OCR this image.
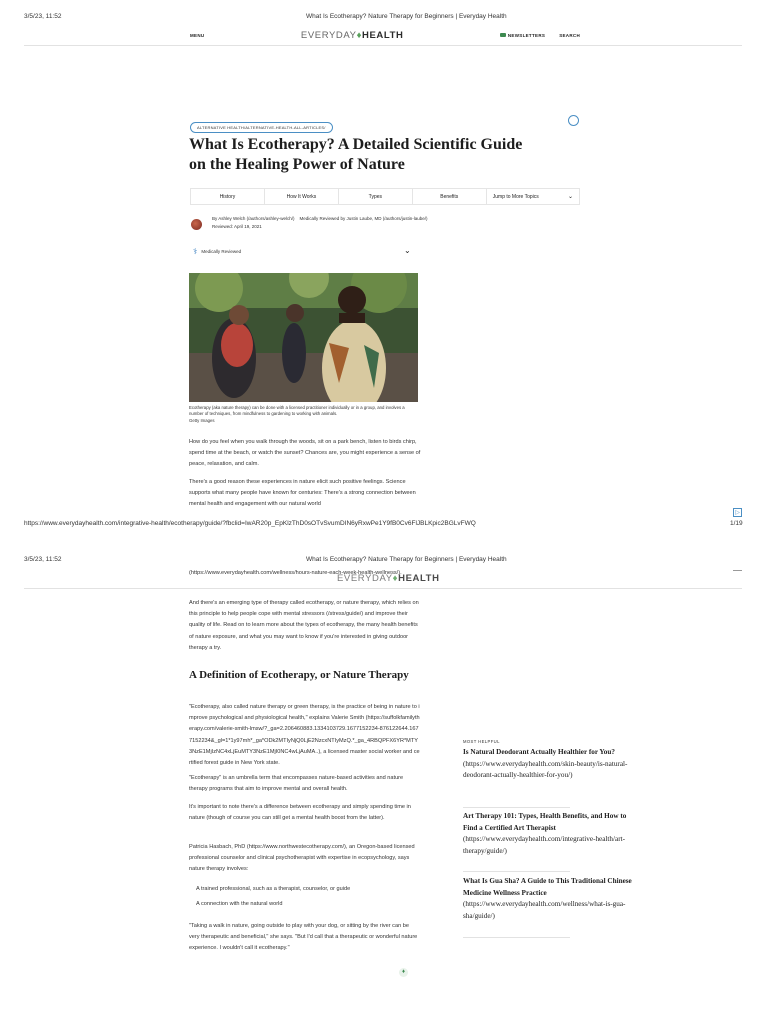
3/5/23, 11:52	What Is Ecotherapy? Nature Therapy for Beginners | Everyday Health
MENU	EVERYDAY♦HEALTH	NEWSLETTERS	SEARCH
ALTERNATIVE HEALTH/ALTERNATIVE-HEALTH-ALL-ARTICLES/
What Is Ecotherapy? A Detailed Scientific Guide on the Healing Power of Nature
History	How It Works	Types	Benefits	Jump to More Topics	⌄
By Ashley Welch (/authors/ashley-welch/) Medically Reviewed by Justin Laube, MD (/authors/justin-laube/)
Reviewed: April 19, 2021
⚕ Medically Reviewed	⌄
Ecotherapy (aka nature therapy) can be done with a licensed practitioner individually or in a group, and involves a number of techniques, from mindfulness to gardening to working with animals.
Getty Images

How do you feel when you walk through the woods, sit on a park bench, listen to birds chirp, spend time at the beach, or watch the sunset? Chances are, you might experience a sense of peace, relaxation, and calm.

There's a good reason these experiences in nature elicit such positive feelings. Science supports what many people have known for centuries: There's a strong connection between mental health and engagement with our natural world

▷
https://www.everydayhealth.com/integrative-health/ecotherapy/guide/?fbclid=IwAR20p_EpKlzThD0sOTvSvumDIN6yRxwPe1Y9fB0Cv6FlJBLKpic2BGLvFWQ	1/19
3/5/23, 11:52	What Is Ecotherapy? Nature Therapy for Beginners | Everyday Health
EVERYDAY♦HEALTH

(https://www.everydayhealth.com/wellness/hours-nature-each-week-health-wellness/).

And there's an emerging type of therapy called ecotherapy, or nature therapy, which relies on this principle to help people cope with mental stressors (/stress/guide/) and improve their quality of life. Read on to learn more about the types of ecotherapy, the many health benefits of nature exposure, and what you may want to know if you're interested in giving outdoor therapy a try.

A Definition of Ecotherapy, or Nature Therapy

"Ecotherapy, also called nature therapy or green therapy, is the practice of being in nature to improve psychological and physiological health," explains Valerie Smith (https://suffolkfamilytherapy.com/valerie-smith-lmsw/?_ga=2.206460883.1334103729.1677152234-876122644.1677152234&_gl=1*1y97mh*_ga*ODk2MTIyNjQ0LjE2NzcxNTIyMzQ.*_ga_4RBQPFX6YR*MTY3NzE1MjIzNC4xLjEuMTY3NzE1MjI0NC4wLjAuMA..), a licensed master social worker and certified forest guide in New York state.

"Ecotherapy" is an umbrella term that encompasses nature-based activities and nature therapy programs that aim to improve mental and overall health.

It's important to note there's a difference between ecotherapy and simply spending time in nature (though of course you can still get a mental health boost from the latter).

Patricia Hasbach, PhD (https://www.northwestecotherapy.com/), an Oregon-based licensed professional counselor and clinical psychotherapist with expertise in ecopsychology, says nature therapy involves:

A trained professional, such as a therapist, counselor, or guide
A connection with the natural world

"Taking a walk in nature, going outside to play with your dog, or sitting by the river can be very therapeutic and beneficial," she says. "But I'd call that a therapeutic or wonderful nature experience. I wouldn't call it ecotherapy."

♦
MOST HELPFUL
Is Natural Deodorant Actually Healthier for You?
(https://www.everydayhealth.com/skin-beauty/is-natural-deodorant-actually-healthier-for-you/)
Art Therapy 101: Types, Health Benefits, and How to Find a Certified Art Therapist
(https://www.everydayhealth.com/integrative-health/art-therapy/guide/)
What Is Gua Sha? A Guide to This Traditional Chinese Medicine Wellness Practice
(https://www.everydayhealth.com/wellness/what-is-gua-sha/guide/)
